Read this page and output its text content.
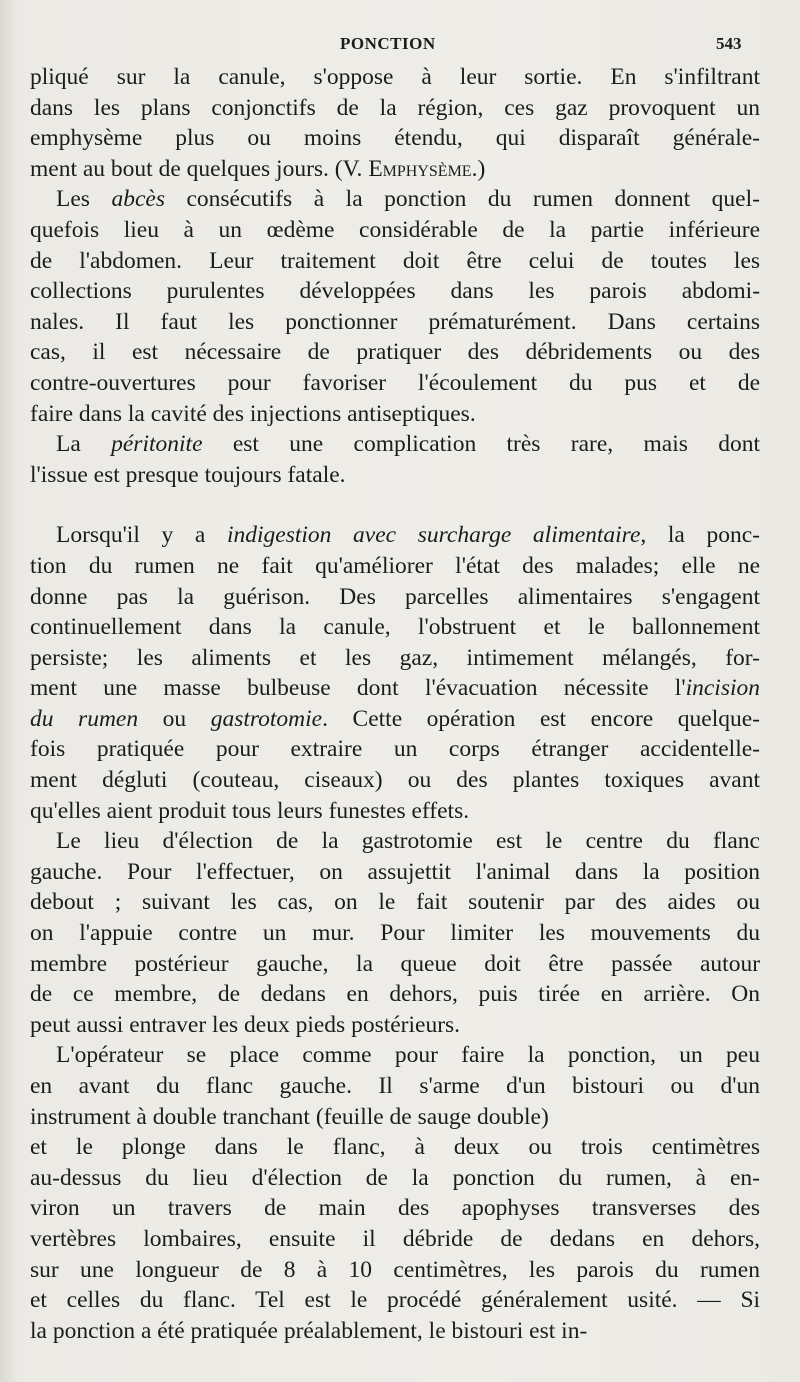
PONCTION	543
pliqué sur la canule, s'oppose à leur sortie. En s'infiltrant
dans les plans conjonctifs de la région, ces gaz provoquent un
emphysème plus ou moins étendu, qui disparaît générale-
ment au bout de quelques jours. (V. Emphysème.)
Les abcès consécutifs à la ponction du rumen donnent quel-
quefois lieu à un œdème considérable de la partie inférieure
de l'abdomen. Leur traitement doit être celui de toutes les
collections purulentes développées dans les parois abdomi-
nales. Il faut les ponctionner prématurément. Dans certains
cas, il est nécessaire de pratiquer des débridements ou des
contre-ouvertures pour favoriser l'écoulement du pus et de
faire dans la cavité des injections antiseptiques.
La péritonite est une complication très rare, mais dont
l'issue est presque toujours fatale.
Lorsqu'il y a indigestion avec surcharge alimentaire, la ponc-
tion du rumen ne fait qu'améliorer l'état des malades; elle ne
donne pas la guérison. Des parcelles alimentaires s'engagent
continuellement dans la canule, l'obstruent et le ballonnement
persiste; les aliments et les gaz, intimement mélangés, for-
ment une masse bulbeuse dont l'évacuation nécessite l'incision
du rumen ou gastrotomie. Cette opération est encore quelque-
fois pratiquée pour extraire un corps étranger accidentelle-
ment dégluti (couteau, ciseaux) ou des plantes toxiques avant
qu'elles aient produit tous leurs funestes effets.
Le lieu d'élection de la gastrotomie est le centre du flanc
gauche. Pour l'effectuer, on assujettit l'animal dans la position
debout ; suivant les cas, on le fait soutenir par des aides ou
on l'appuie contre un mur. Pour limiter les mouvements du
membre postérieur gauche, la queue doit être passée autour
de ce membre, de dedans en dehors, puis tirée en arrière. On
peut aussi entraver les deux pieds postérieurs.
L'opérateur se place comme pour faire la ponction, un peu
en avant du flanc gauche. Il s'arme d'un bistouri ou d'un
instrument à double tranchant (feuille de sauge double)
et le plonge dans le flanc, à deux ou trois centimètres
au-dessus du lieu d'élection de la ponction du rumen, à en-
viron un travers de main des apophyses transverses des
vertèbres lombaires, ensuite il débride de dedans en dehors,
sur une longueur de 8 à 10 centimètres, les parois du rumen
et celles du flanc. Tel est le procédé généralement usité. — Si
la ponction a été pratiquée préalablement, le bistouri est in-
